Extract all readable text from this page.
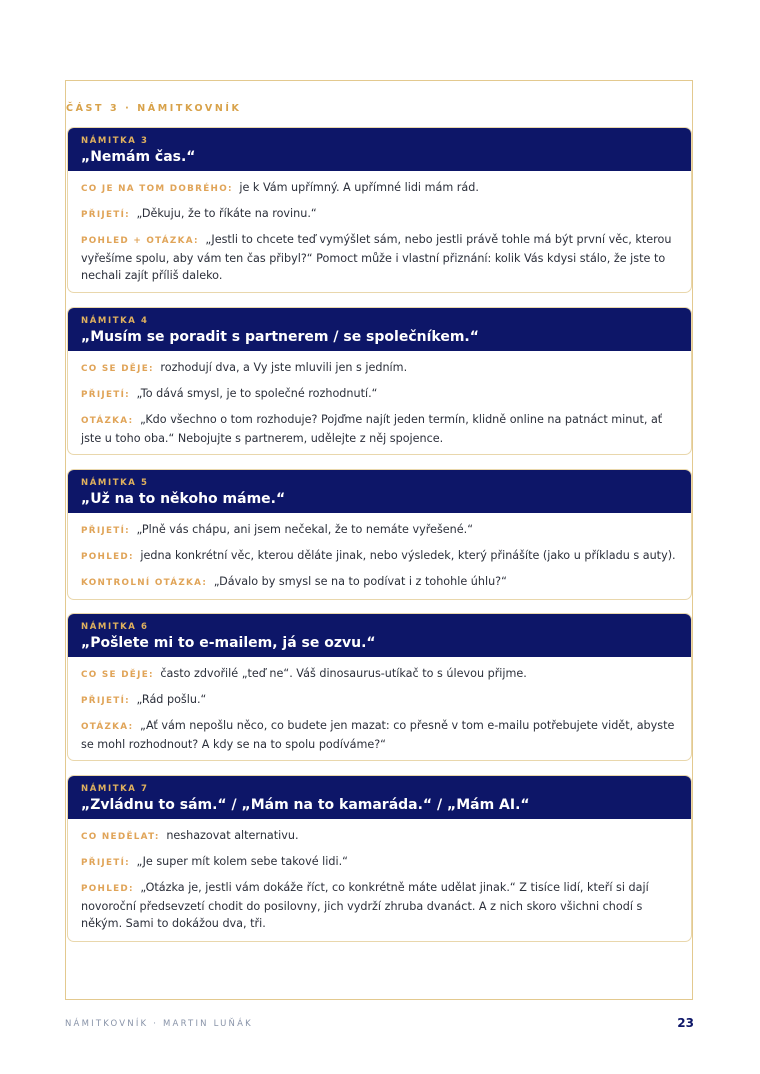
ČÁST 3 · NÁMITKOVNÍK
NÁMITKA 3
„Nemám čas.“

CO JE NA TOM DOBRÉHO: je k Vám upřímný. A upřímné lidi mám rád.

PŘIJETÍ: „Děkuju, že to říkáte na rovinu.“

POHLED + OTÁZKA: „Jestli to chcete teď vymýšlet sám, nebo jestli právě tohle má být první věc, kterou vyřešíme spolu, aby vám ten čas přibyl?“ Pomoct může i vlastní přiznání: kolik Vás kdysi stálo, že jste to nechali zajít příliš daleko.

NÁMITKA 4
„Musím se poradit s partnerem / se společníkem.“

CO SE DĚJE: rozhodují dva, a Vy jste mluvili jen s jedním.

PŘIJETÍ: „To dává smysl, je to společné rozhodnutí.“

OTÁZKA: „Kdo všechno o tom rozhoduje? Pojďme najít jeden termín, klidně online na patnáct minut, ať jste u toho oba.“ Nebojujte s partnerem, udělejte z něj spojence.

NÁMITKA 5
„Už na to někoho máme.“

PŘIJETÍ: „Plně vás chápu, ani jsem nečekal, že to nemáte vyřešené.“

POHLED: jedna konkrétní věc, kterou děláte jinak, nebo výsledek, který přinášíte (jako u příkladu s auty).

KONTROLNÍ OTÁZKA: „Dávalo by smysl se na to podívat i z tohohle úhlu?“

NÁMITKA 6
„Pošlete mi to e-mailem, já se ozvu.“

CO SE DĚJE: často zdvořilé „teď ne“. Váš dinosaurus-utíkač to s úlevou přijme.

PŘIJETÍ: „Rád pošlu.“

OTÁZKA: „Ať vám nepošlu něco, co budete jen mazat: co přesně v tom e-mailu potřebujete vidět, abyste se mohl rozhodnout? A kdy se na to spolu podíváme?“

NÁMITKA 7
„Zvládnu to sám.“ / „Mám na to kamaráda.“ / „Mám AI.“

CO NEDĚLAT: neshazovat alternativu.

PŘIJETÍ: „Je super mít kolem sebe takové lidi.“

POHLED: „Otázka je, jestli vám dokáže říct, co konkrétně máte udělat jinak.“ Z tisíce lidí, kteří si dají novoroční předsevzetí chodit do posilovny, jich vydrží zhruba dvanáct. A z nich skoro všichni chodí s někým. Sami to dokážou dva, tři.

NÁMITKOVNÍK · MARTIN LUŇÁK	23
